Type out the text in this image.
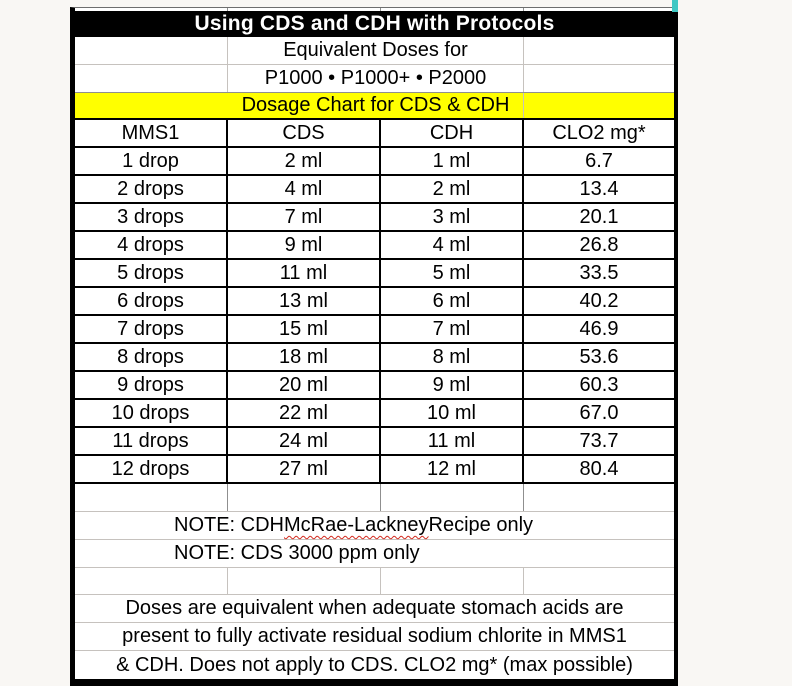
Using CDS and CDH with Protocols
Equivalent Doses for
P1000 • P1000+ • P2000
Dosage Chart for CDS & CDH
MMS1	CDS	CDH	CLO2 mg*
1 drop	2 ml	1 ml	6.7
2 drops	4 ml	2 ml	13.4
3 drops	7 ml	3 ml	20.1
4 drops	9 ml	4 ml	26.8
5 drops	11 ml	5 ml	33.5
6 drops	13 ml	6 ml	40.2
7 drops	15 ml	7 ml	46.9
8 drops	18 ml	8 ml	53.6
9 drops	20 ml	9 ml	60.3
10 drops	22 ml	10 ml	67.0
11 drops	24 ml	11 ml	73.7
12 drops	27 ml	12 ml	80.4
NOTE: CDH McRae-Lackney Recipe only
NOTE: CDS 3000 ppm only
Doses are equivalent when adequate stomach acids are
present to fully activate residual sodium chlorite in MMS1
& CDH. Does not apply to CDS. CLO2 mg* (max possible)
